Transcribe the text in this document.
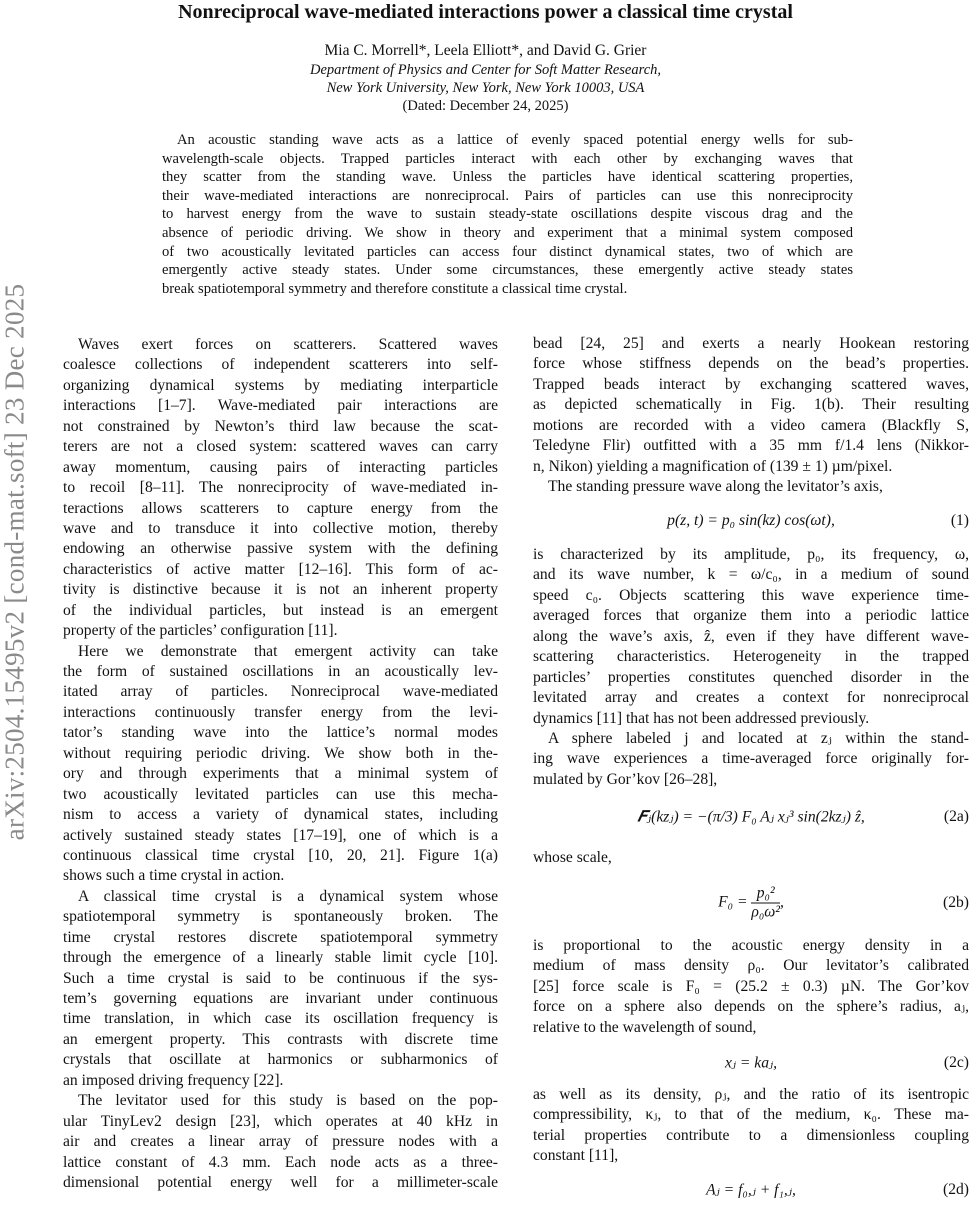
arXiv:2504.15495v2 [cond-mat.soft] 23 Dec 2025
Nonreciprocal wave-mediated interactions power a classical time crystal
Mia C. Morrell*, Leela Elliott*, and David G. Grier
Department of Physics and Center for Soft Matter Research,
New York University, New York, New York 10003, USA
(Dated: December 24, 2025)
An acoustic standing wave acts as a lattice of evenly spaced potential energy wells for sub-
wavelength-scale objects. Trapped particles interact with each other by exchanging waves that
they scatter from the standing wave. Unless the particles have identical scattering properties,
their wave-mediated interactions are nonreciprocal. Pairs of particles can use this nonreciprocity
to harvest energy from the wave to sustain steady-state oscillations despite viscous drag and the
absence of periodic driving. We show in theory and experiment that a minimal system composed
of two acoustically levitated particles can access four distinct dynamical states, two of which are
emergently active steady states. Under some circumstances, these emergently active steady states
break spatiotemporal symmetry and therefore constitute a classical time crystal.
Waves exert forces on scatterers. Scattered waves
coalesce collections of independent scatterers into self-
organizing dynamical systems by mediating interparticle
interactions [1–7]. Wave-mediated pair interactions are
not constrained by Newton’s third law because the scat-
terers are not a closed system: scattered waves can carry
away momentum, causing pairs of interacting particles
to recoil [8–11]. The nonreciprocity of wave-mediated in-
teractions allows scatterers to capture energy from the
wave and to transduce it into collective motion, thereby
endowing an otherwise passive system with the defining
characteristics of active matter [12–16]. This form of ac-
tivity is distinctive because it is not an inherent property
of the individual particles, but instead is an emergent
property of the particles’ configuration [11].
Here we demonstrate that emergent activity can take
the form of sustained oscillations in an acoustically lev-
itated array of particles. Nonreciprocal wave-mediated
interactions continuously transfer energy from the levi-
tator’s standing wave into the lattice’s normal modes
without requiring periodic driving. We show both in the-
ory and through experiments that a minimal system of
two acoustically levitated particles can use this mecha-
nism to access a variety of dynamical states, including
actively sustained steady states [17–19], one of which is a
continuous classical time crystal [10, 20, 21]. Figure 1(a)
shows such a time crystal in action.
A classical time crystal is a dynamical system whose
spatiotemporal symmetry is spontaneously broken. The
time crystal restores discrete spatiotemporal symmetry
through the emergence of a linearly stable limit cycle [10].
Such a time crystal is said to be continuous if the sys-
tem’s governing equations are invariant under continuous
time translation, in which case its oscillation frequency is
an emergent property. This contrasts with discrete time
crystals that oscillate at harmonics or subharmonics of
an imposed driving frequency [22].
The levitator used for this study is based on the pop-
ular TinyLev2 design [23], which operates at 40 kHz in
air and creates a linear array of pressure nodes with a
lattice constant of 4.3 mm. Each node acts as a three-
dimensional potential energy well for a millimeter-scale
bead [24, 25] and exerts a nearly Hookean restoring
force whose stiffness depends on the bead’s properties.
Trapped beads interact by exchanging scattered waves,
as depicted schematically in Fig. 1(b). Their resulting
motions are recorded with a video camera (Blackfly S,
Teledyne Flir) outfitted with a 35 mm f/1.4 lens (Nikkor-
n, Nikon) yielding a magnification of (139 ± 1) µm/pixel.
The standing pressure wave along the levitator’s axis,
p(z, t) = p₀ sin(kz) cos(ωt),	(1)
is characterized by its amplitude, p₀, its frequency, ω,
and its wave number, k = ω/c₀, in a medium of sound
speed c₀. Objects scattering this wave experience time-
averaged forces that organize them into a periodic lattice
along the wave’s axis, ẑ, even if they have different wave-
scattering characteristics. Heterogeneity in the trapped
particles’ properties constitutes quenched disorder in the
levitated array and creates a context for nonreciprocal
dynamics [11] that has not been addressed previously.
A sphere labeled j and located at zⱼ within the stand-
ing wave experiences a time-averaged force originally for-
mulated by Gor’kov [26–28],
𝑭ⱼ(kzⱼ) = −(π/3) F₀ Aⱼ xⱼ³ sin(2kzⱼ) ẑ,	(2a)
whose scale,
$F_0 = \frac{\text{p₀²}}{\text{ρ₀ω²}}$ ,	(2b)
is proportional to the acoustic energy density in a
medium of mass density ρ₀. Our levitator’s calibrated
[25] force scale is F₀ = (25.2 ± 0.3) µN. The Gor’kov
force on a sphere also depends on the sphere’s radius, aⱼ,
relative to the wavelength of sound,
xⱼ = kaⱼ,	(2c)
as well as its density, ρⱼ, and the ratio of its isentropic
compressibility, κⱼ, to that of the medium, κ₀. These ma-
terial properties contribute to a dimensionless coupling
constant [11],
Aⱼ = f₀,ⱼ + f₁,ⱼ,	(2d)
